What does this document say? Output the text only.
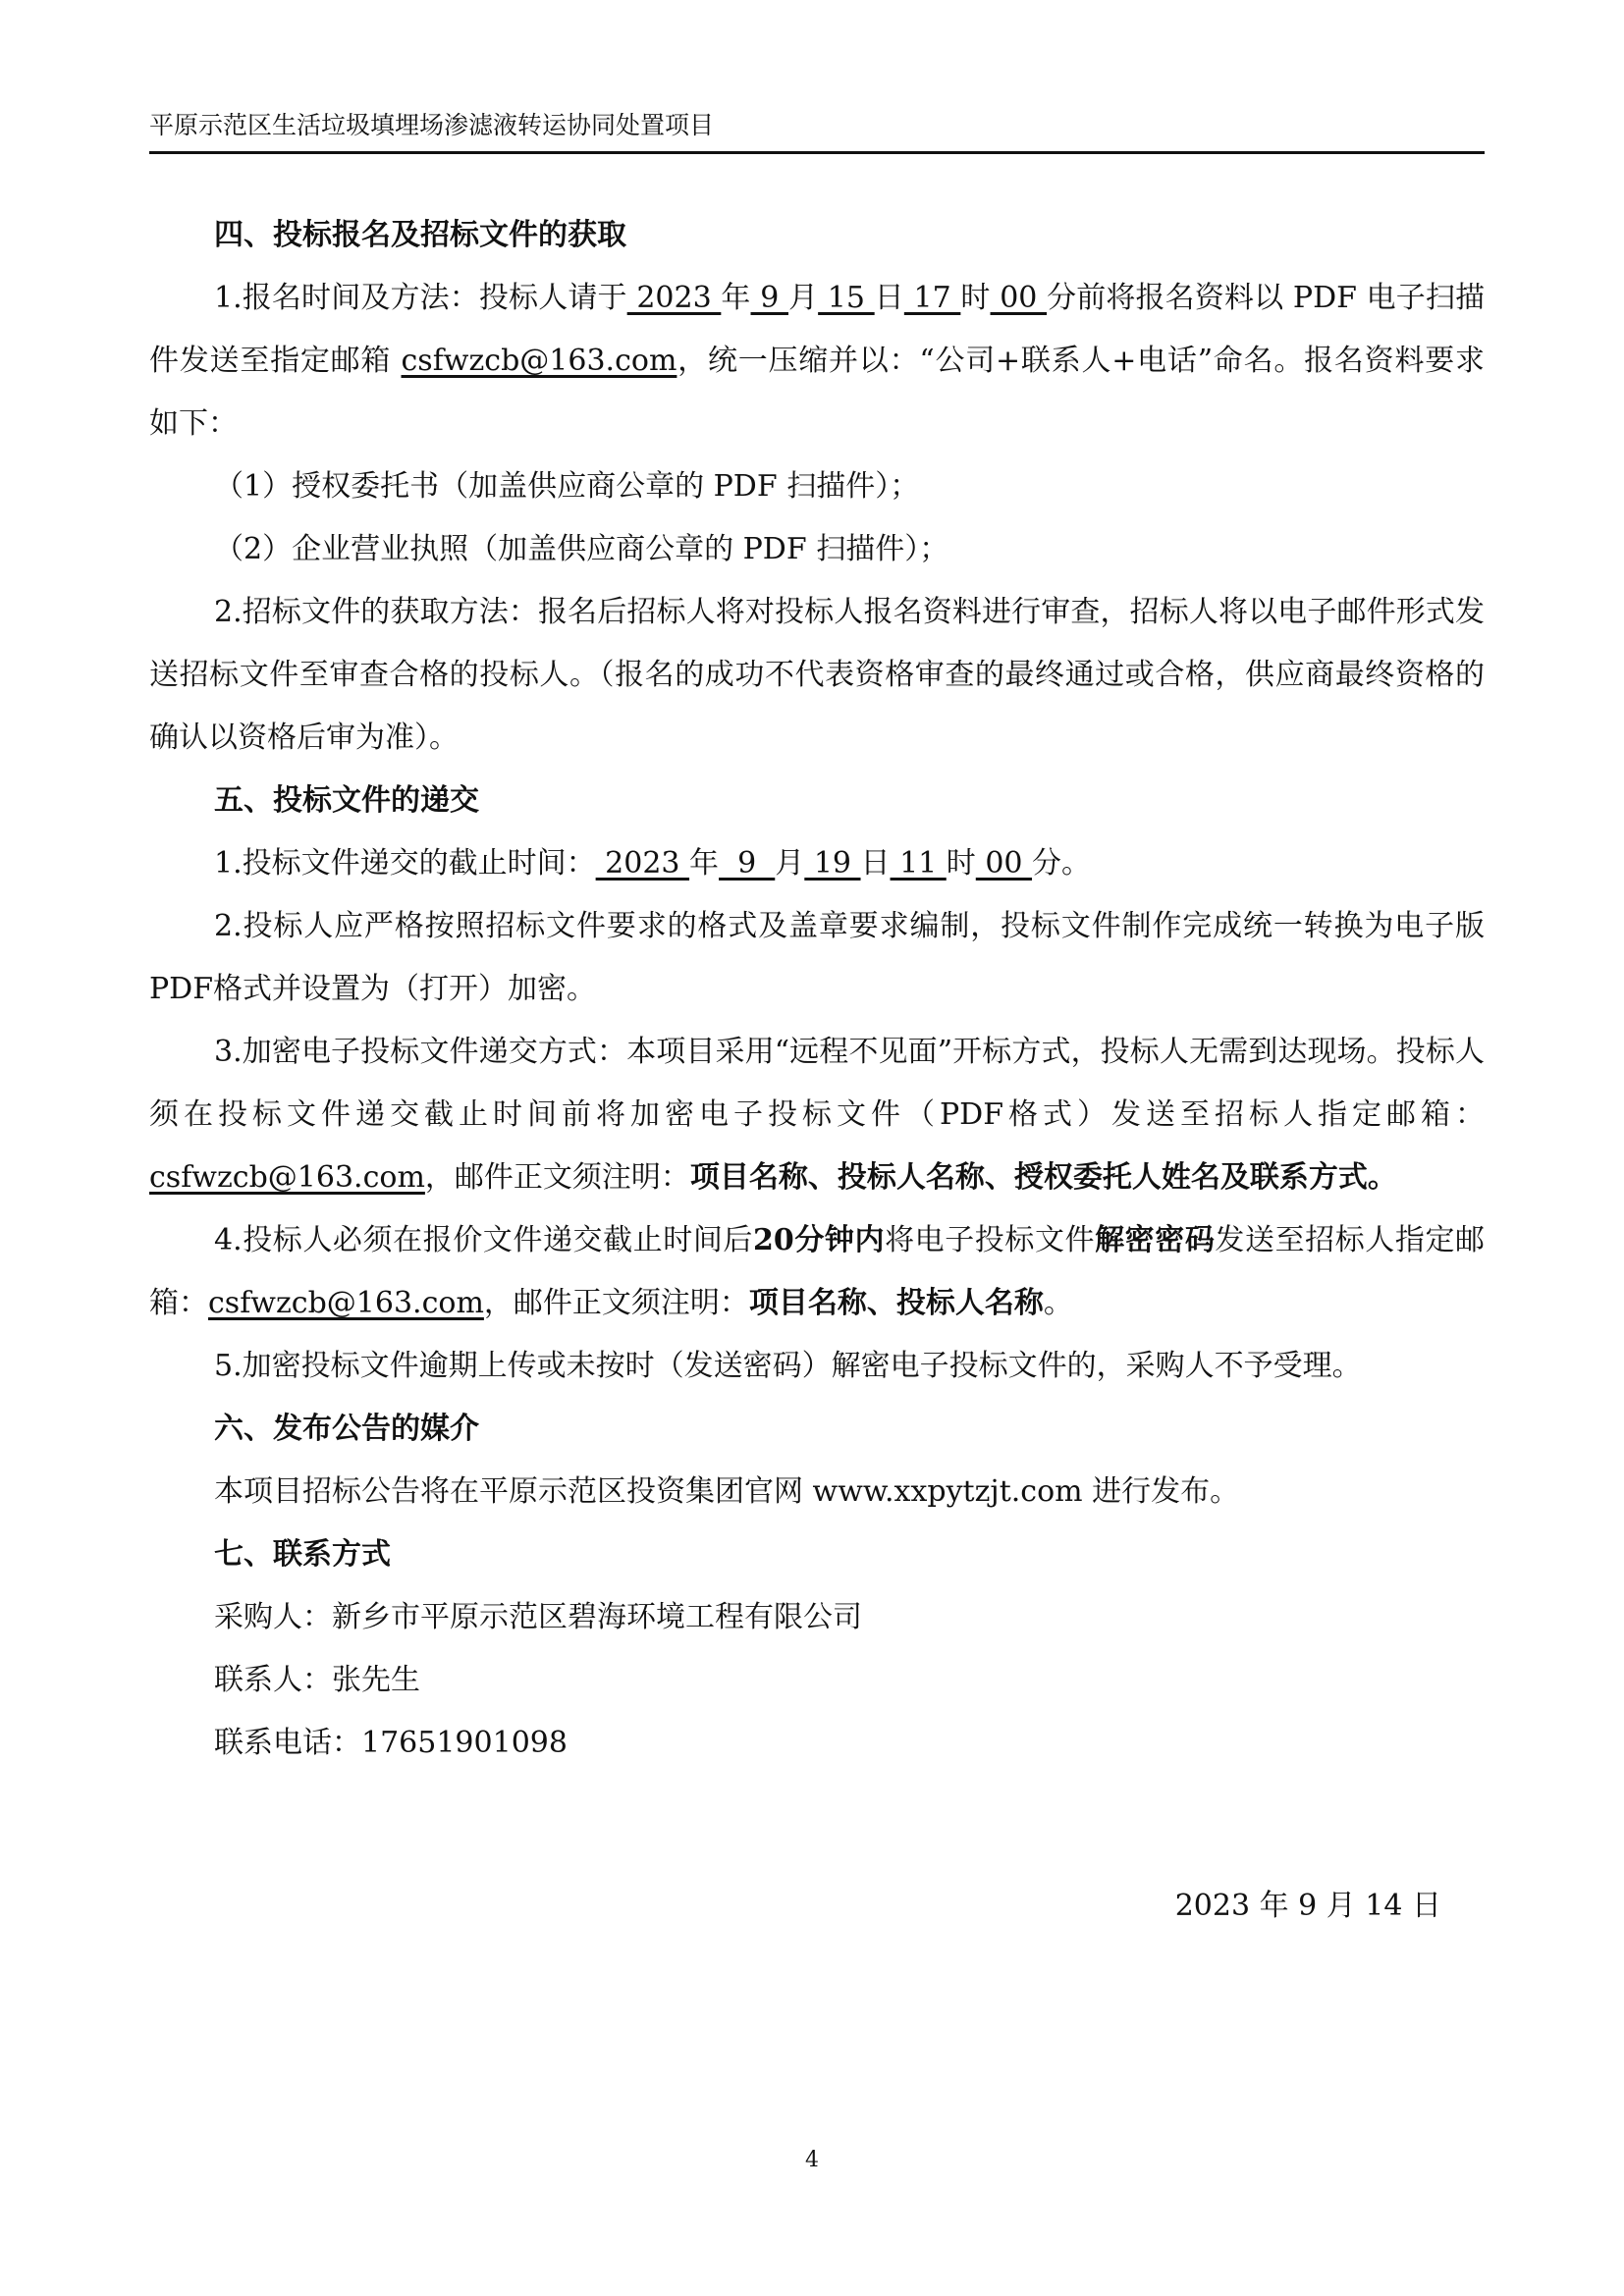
平原示范区生活垃圾填埋场渗滤液转运协同处置项目

四、投标报名及招标文件的获取

1.报名时间及方法：投标人请于 2023 年 9 月 15 日 17 时 00 分前将报名资料以 PDF 电子扫描件发送至指定邮箱 csfwzcb@163.com，统一压缩并以：“公司+联系人+电话”命名。报名资料要求如下：

（1）授权委托书（加盖供应商公章的 PDF 扫描件）；

（2）企业营业执照（加盖供应商公章的 PDF 扫描件）；

2.招标文件的获取方法：报名后招标人将对投标人报名资料进行审查，招标人将以电子邮件形式发送招标文件至审查合格的投标人。（报名的成功不代表资格审查的最终通过或合格，供应商最终资格的确认以资格后审为准）。

五、投标文件的递交

1.投标文件递交的截止时间： 2023 年  9  月 19 日 11 时 00 分。

2.投标人应严格按照招标文件要求的格式及盖章要求编制，投标文件制作完成统一转换为电子版PDF格式并设置为（打开）加密。

3.加密电子投标文件递交方式：本项目采用“远程不见面”开标方式，投标人无需到达现场。投标人须在投标文件递交截止时间前将加密电子投标文件（PDF格式）发送至招标人指定邮箱：csfwzcb@163.com，邮件正文须注明：项目名称、投标人名称、授权委托人姓名及联系方式。

4.投标人必须在报价文件递交截止时间后20分钟内将电子投标文件解密密码发送至招标人指定邮箱：csfwzcb@163.com，邮件正文须注明：项目名称、投标人名称。

5.加密投标文件逾期上传或未按时（发送密码）解密电子投标文件的，采购人不予受理。

六、发布公告的媒介

本项目招标公告将在平原示范区投资集团官网 www.xxpytzjt.com 进行发布。

七、联系方式

采购人：新乡市平原示范区碧海环境工程有限公司

联系人：张先生

联系电话：17651901098

2023 年 9 月 14 日
4
